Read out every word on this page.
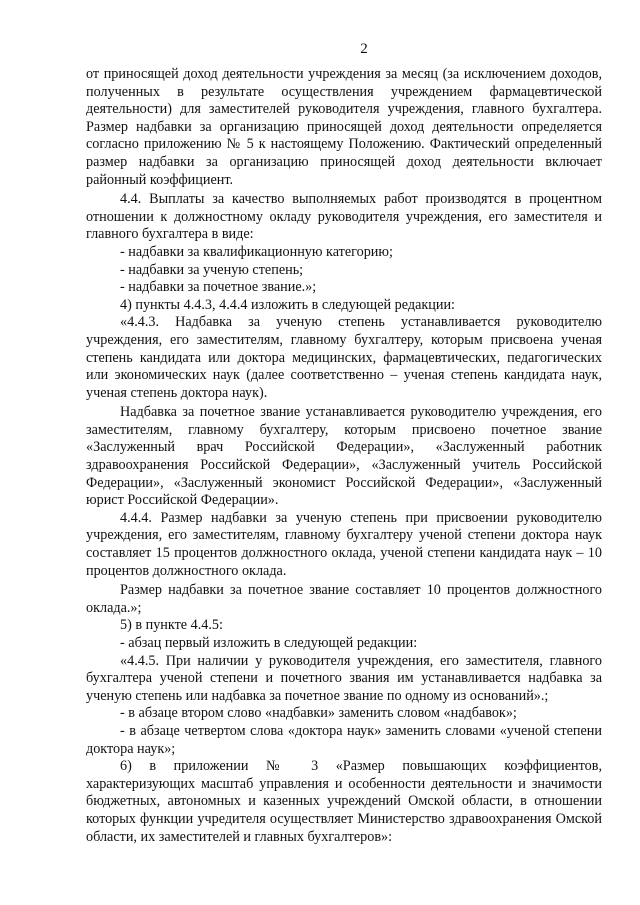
2

от приносящей доход деятельности учреждения за месяц (за исключением доходов, полученных в результате осуществления учреждением фармацевтической деятельности) для заместителей руководителя учреждения, главного бухгалтера. Размер надбавки за организацию приносящей доход деятельности определяется согласно приложению № 5 к настоящему Положению. Фактический определенный размер надбавки за организацию приносящей доход деятельности включает районный коэффициент.

4.4. Выплаты за качество выполняемых работ производятся в процентном отношении к должностному окладу руководителя учреждения, его заместителя и главного бухгалтера в виде:

- надбавки за квалификационную категорию;

- надбавки за ученую степень;

- надбавки за почетное звание.»;

4) пункты 4.4.3, 4.4.4 изложить в следующей редакции:

«4.4.3. Надбавка за ученую степень устанавливается руководителю учреждения, его заместителям, главному бухгалтеру, которым присвоена ученая степень кандидата или доктора медицинских, фармацевтических, педагогических или экономических наук (далее соответственно – ученая степень кандидата наук, ученая степень доктора наук).

Надбавка за почетное звание устанавливается руководителю учреждения, его заместителям, главному бухгалтеру, которым присвоено почетное звание «Заслуженный врач Российской Федерации», «Заслуженный работник здравоохранения Российской Федерации», «Заслуженный учитель Российской Федерации», «Заслуженный экономист Российской Федерации», «Заслуженный юрист Российской Федерации».

4.4.4. Размер надбавки за ученую степень при присвоении руководителю учреждения, его заместителям, главному бухгалтеру ученой степени доктора наук составляет 15 процентов должностного оклада, ученой степени кандидата наук – 10 процентов должностного оклада.

Размер надбавки за почетное звание составляет 10 процентов должностного оклада.»;

5) в пункте 4.4.5:

- абзац первый изложить в следующей редакции:

«4.4.5. При наличии у руководителя учреждения, его заместителя, главного бухгалтера ученой степени и почетного звания им устанавливается надбавка за ученую степень или надбавка за почетное звание по одному из оснований».;

- в абзаце втором слово «надбавки» заменить словом «надбавок»;

- в абзаце четвертом слова «доктора наук» заменить словами «ученой степени доктора наук»;

6) в приложении № 3 «Размер повышающих коэффициентов, характеризующих масштаб управления и особенности деятельности и значимости бюджетных, автономных и казенных учреждений Омской области, в отношении которых функции учредителя осуществляет Министерство здравоохранения Омской области, их заместителей и главных бухгалтеров»:
